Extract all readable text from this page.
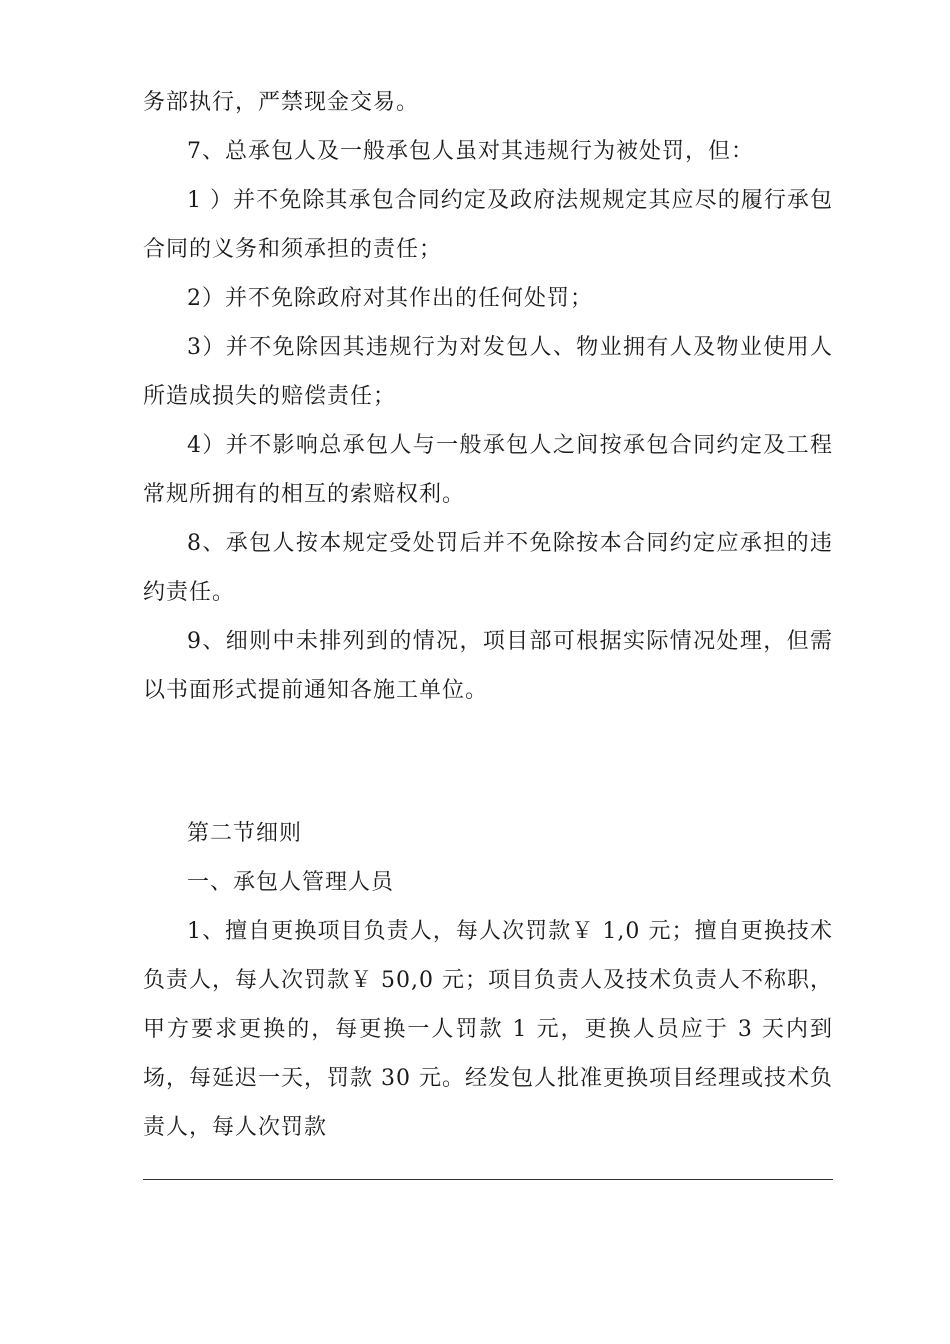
务部执行，严禁现金交易。

7、总承包人及一般承包人虽对其违规行为被处罚，但：

1 ）并不免除其承包合同约定及政府法规规定其应尽的履行承包合同的义务和须承担的责任；

2）并不免除政府对其作出的任何处罚；

3）并不免除因其违规行为对发包人、物业拥有人及物业使用人所造成损失的赔偿责任；

4）并不影响总承包人与一般承包人之间按承包合同约定及工程常规所拥有的相互的索赔权利。

8、承包人按本规定受处罚后并不免除按本合同约定应承担的违约责任。

9、细则中未排列到的情况，项目部可根据实际情况处理，但需以书面形式提前通知各施工单位。

第二节细则

一、承包人管理人员

1、擅自更换项目负责人，每人次罚款￥ 1,0 元；擅自更换技术负责人，每人次罚款￥ 50,0 元；项目负责人及技术负责人不称职，甲方要求更换的，每更换一人罚款 1 元，更换人员应于 3 天内到场，每延迟一天，罚款 30 元。经发包人批准更换项目经理或技术负责人，每人次罚款
